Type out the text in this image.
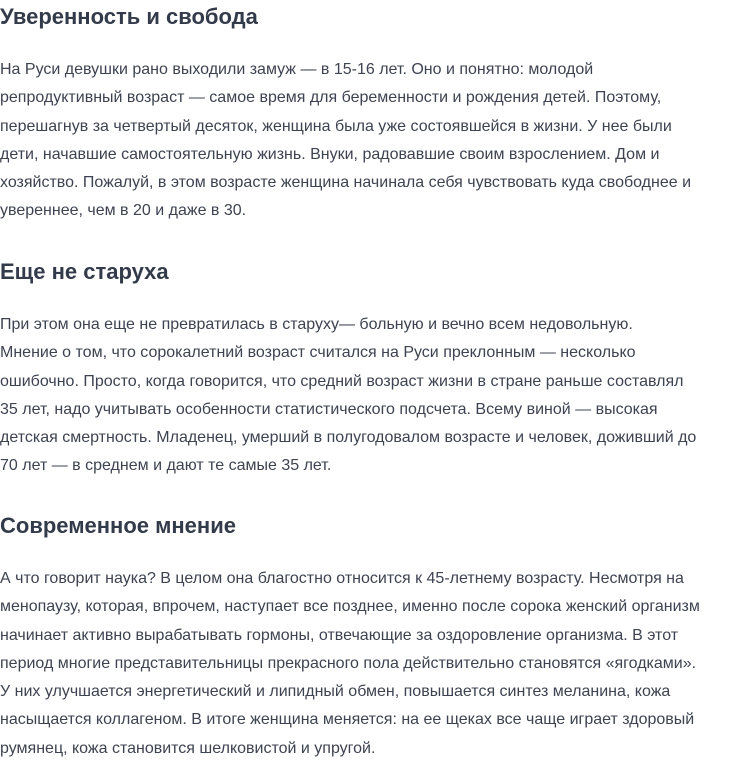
Уверенность и свобода

На Руси девушки рано выходили замуж — в 15-16 лет. Оно и понятно: молодой
репродуктивный возраст — самое время для беременности и рождения детей. Поэтому,
перешагнув за четвертый десяток, женщина была уже состоявшейся в жизни. У нее были
дети, начавшие самостоятельную жизнь. Внуки, радовавшие своим взрослением. Дом и
хозяйство. Пожалуй, в этом возрасте женщина начинала себя чувствовать куда свободнее и
увереннее, чем в 20 и даже в 30.

Еще не старуха

При этом она еще не превратилась в старуху— больную и вечно всем недовольную.
Мнение о том, что сорокалетний возраст считался на Руси преклонным — несколько
ошибочно. Просто, когда говорится, что средний возраст жизни в стране раньше составлял
35 лет, надо учитывать особенности статистического подсчета. Всему виной — высокая
детская смертность. Младенец, умерший в полугодовалом возрасте и человек, доживший до
70 лет — в среднем и дают те самые 35 лет.

Современное мнение

А что говорит наука? В целом она благостно относится к 45-летнему возрасту. Несмотря на
менопаузу, которая, впрочем, наступает все позднее, именно после сорока женский организм
начинает активно вырабатывать гормоны, отвечающие за оздоровление организма. В этот
период многие представительницы прекрасного пола действительно становятся «ягодками».
У них улучшается энергетический и липидный обмен, повышается синтез меланина, кожа
насыщается коллагеном. В итоге женщина меняется: на ее щеках все чаще играет здоровый
румянец, кожа становится шелковистой и упругой.
